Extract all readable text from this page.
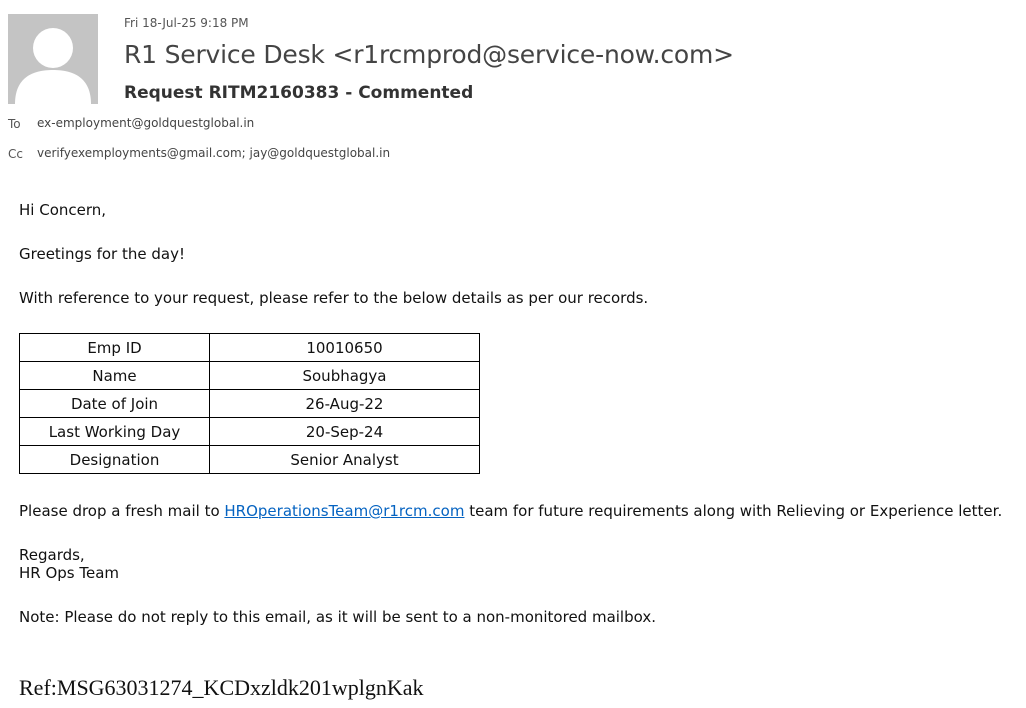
Fri 18-Jul-25 9:18 PM
R1 Service Desk <r1rcmprod@service-now.com>
Request RITM2160383 - Commented
To ex-employment@goldquestglobal.in
Cc verifyexemployments@gmail.com; jay@goldquestglobal.in
Hi Concern,
Greetings for the day!
With reference to your request, please refer to the below details as per our records.
Emp ID	10010650
Name	Soubhagya
Date of Join	26-Aug-22
Last Working Day	20-Sep-24
Designation	Senior Analyst
Please drop a fresh mail to HROperationsTeam@r1rcm.com team for future requirements along with Relieving or Experience letter.
Regards,
HR Ops Team
Note: Please do not reply to this email, as it will be sent to a non-monitored mailbox.
Ref:MSG63031274_KCDxzldk201wplgnKak
